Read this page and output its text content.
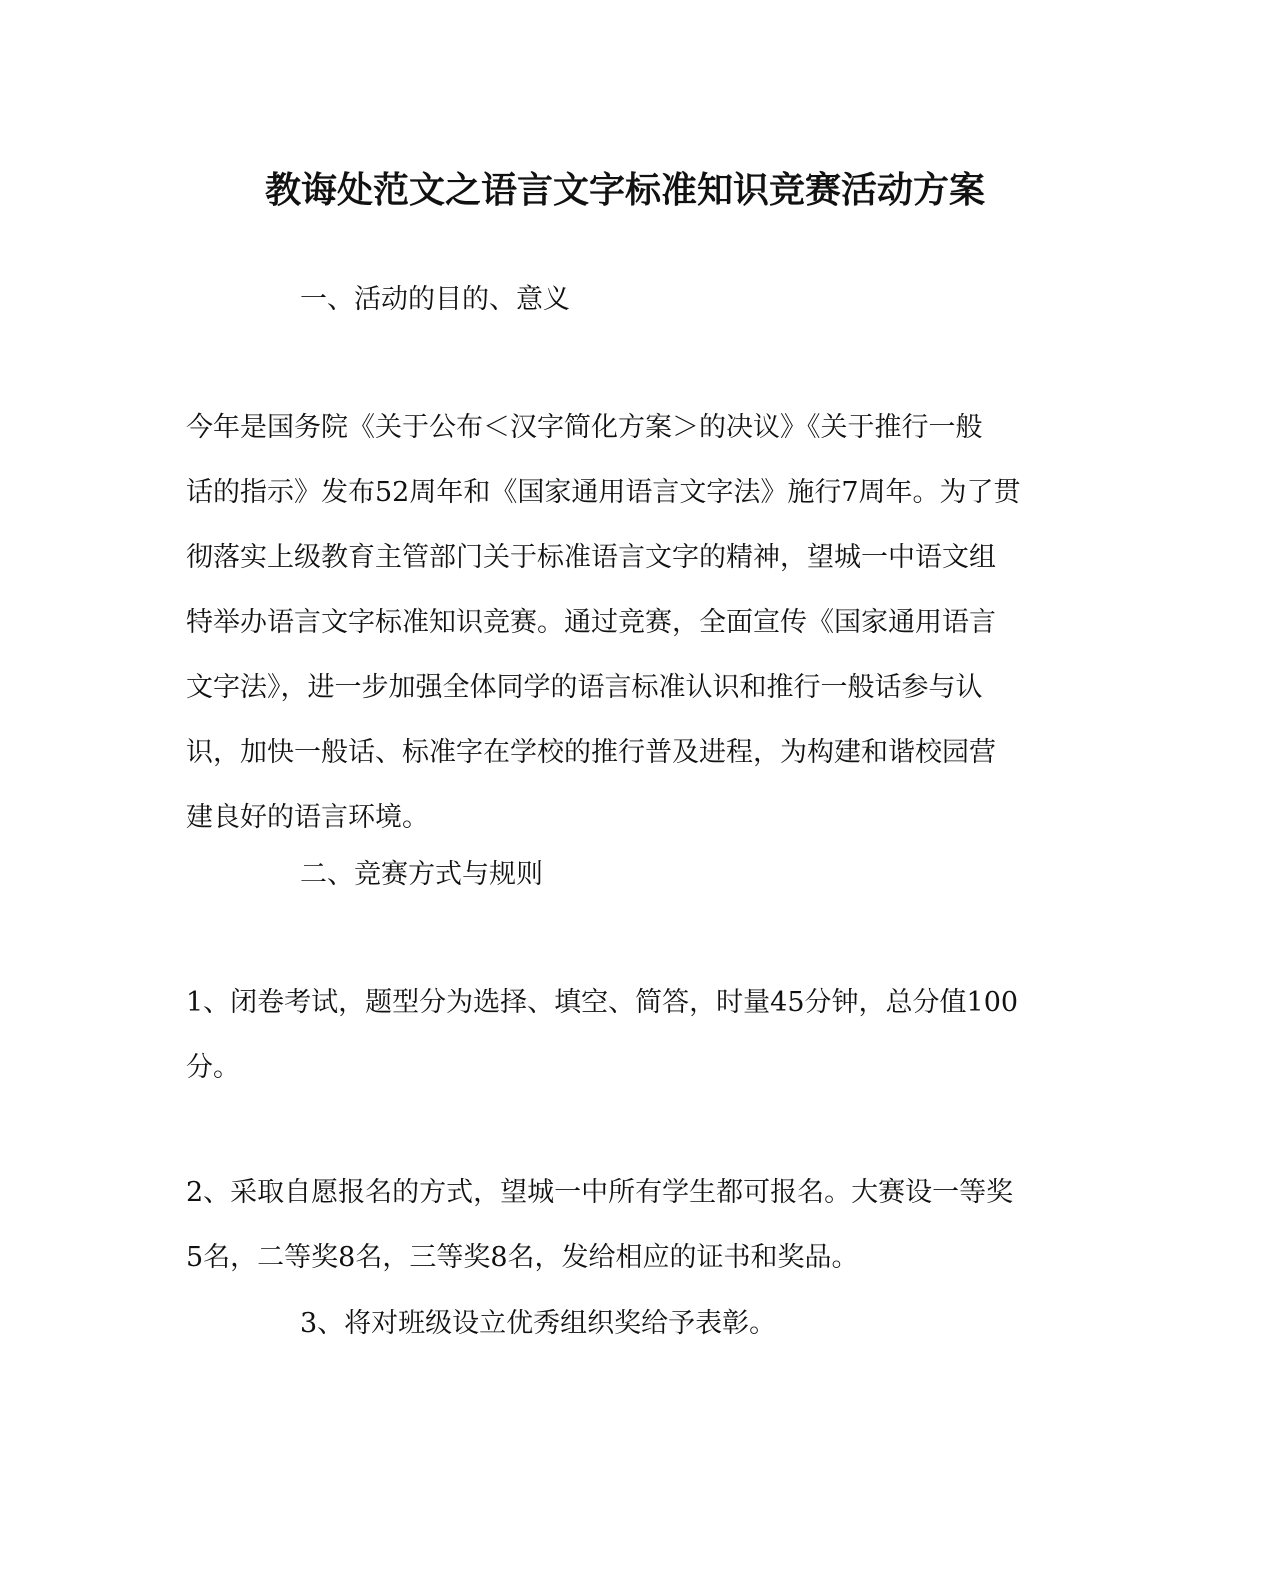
教诲处范文之语言文字标准知识竞赛活动方案
一、活动的目的、意义
今年是国务院《关于公布＜汉字简化方案＞的决议》《关于推行一般
话的指示》发布52周年和《国家通用语言文字法》施行7周年。为了贯
彻落实上级教育主管部门关于标准语言文字的精神，望城一中语文组
特举办语言文字标准知识竞赛。通过竞赛，全面宣传《国家通用语言
文字法》，进一步加强全体同学的语言标准认识和推行一般话参与认
识，加快一般话、标准字在学校的推行普及进程，为构建和谐校园营
建良好的语言环境。
二、竞赛方式与规则
1、闭卷考试，题型分为选择、填空、简答，时量45分钟，总分值100
分。
2、采取自愿报名的方式，望城一中所有学生都可报名。大赛设一等奖
5名，二等奖8名，三等奖8名，发给相应的证书和奖品。
3、将对班级设立优秀组织奖给予表彰。
